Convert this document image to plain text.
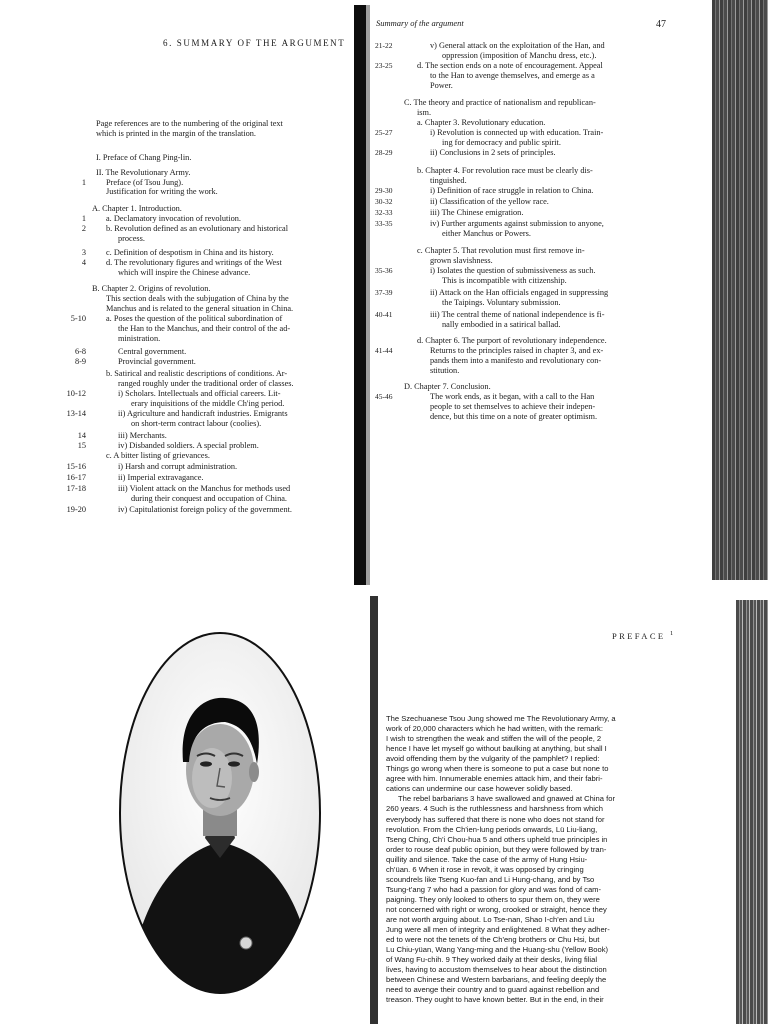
6. SUMMARY OF THE ARGUMENT
Page references are to the numbering of the original text
which is printed in the margin of the translation.
I. Preface of Chang Ping-lin.
II. The Revolutionary Army.
1 Preface (of Tsou Jung).
Justification for writing the work.
A. Chapter 1. Introduction.
1 a. Declamatory invocation of revolution.
2 b. Revolution defined as an evolutionary and historical
process.
3 c. Definition of despotism in China and its history.
4 d. The revolutionary figures and writings of the West
which will inspire the Chinese advance.
B. Chapter 2. Origins of revolution.
This section deals with the subjugation of China by the
Manchus and is related to the general situation in China.
5-10 a. Poses the question of the political subordination of
the Han to the Manchus, and their control of the ad-
ministration.
6-8	Central government.
8-9	Provincial government.
b. Satirical and realistic descriptions of conditions. Ar-
ranged roughly under the traditional order of classes.
10-12	i) Scholars. Intellectuals and official careers. Lit-
erary inquisitions of the middle Ch'ing period.
13-14	ii) Agriculture and handicraft industries. Emigrants
on short-term contract labour (coolies).
14	iii) Merchants.
15	iv) Disbanded soldiers. A special problem.
c. A bitter listing of grievances.
15-16	i) Harsh and corrupt administration.
16-17	ii) Imperial extravagance.
17-18	iii) Violent attack on the Manchus for methods used
during their conquest and occupation of China.
19-20	iv) Capitulationist foreign policy of the government.
Summary of the argument	47
21-22	v) General attack on the exploitation of the Han, and
oppression (imposition of Manchu dress, etc.).
23-25	d. The section ends on a note of encouragement. Appeal
to the Han to avenge themselves, and emerge as a
Power.
C. The theory and practice of nationalism and republican-
ism.
a. Chapter 3. Revolutionary education.
25-27	i) Revolution is connected up with education. Train-
ing for democracy and public spirit.
28-29	ii) Conclusions in 2 sets of principles.
b. Chapter 4. For revolution race must be clearly dis-
tinguished.
29-30	i) Definition of race struggle in relation to China.
30-32	ii) Classification of the yellow race.
32-33	iii) The Chinese emigration.
33-35	iv) Further arguments against submission to anyone,
either Manchus or Powers.
c. Chapter 5. That revolution must first remove in-
grown slavishness.
35-36	i) Isolates the question of submissiveness as such.
This is incompatible with citizenship.
37-39	ii) Attack on the Han officials engaged in suppressing
the Taipings. Voluntary submission.
40-41	iii) The central theme of national independence is fi-
nally embodied in a satirical ballad.
d. Chapter 6. The purport of revolutionary independence.
41-44	Returns to the principles raised in chapter 3, and ex-
pands them into a manifesto and revolutionary con-
stitution.
D. Chapter 7. Conclusion.
45-46	The work ends, as it began, with a call to the Han
people to set themselves to achieve their indepen-
dence, but this time on a note of greater optimism.
PREFACE $^1$
The Szechuanese Tsou Jung showed me The Revolutionary Army, a
work of 20,000 characters which he had written, with the remark:
I wish to strengthen the weak and stiffen the will of the people, 2
hence I have let myself go without baulking at anything, but shall I
avoid offending them by the vulgarity of the pamphlet? I replied:
Things go wrong when there is someone to put a case but none to
agree with him. Innumerable enemies attack him, and their fabri-
cations can undermine our case however solidly based.
The rebel barbarians 3 have swallowed and gnawed at China for
260 years. 4 Such is the ruthlessness and harshness from which
everybody has suffered that there is none who does not stand for
revolution. From the Ch'ien-lung periods onwards, Lü Liu-liang,
Tseng Ching, Ch'i Chou-hua 5 and others upheld true principles in
order to rouse deaf public opinion, but they were followed by tran-
quillity and silence. Take the case of the army of Hung Hsiu-
ch'üan. 6 When it rose in revolt, it was opposed by cringing
scoundrels like Tseng Kuo-fan and Li Hung-chang, and by Tso
Tsung-t'ang 7 who had a passion for glory and was fond of cam-
paigning. They only looked to others to spur them on, they were
not concerned with right or wrong, crooked or straight, hence they
are not worth arguing about. Lo Tse-nan, Shao I-ch'en and Liu
Jung were all men of integrity and enlightened. 8 What they adher-
ed to were not the tenets of the Ch'eng brothers or Chu Hsi, but
Lu Chiu-yüan, Wang Yang-ming and the Huang-shu (Yellow Book)
of Wang Fu-chih. 9 They worked daily at their desks, living filial
lives, having to accustom themselves to hear about the distinction
between Chinese and Western barbarians, and feeling deeply the
need to avenge their country and to guard against rebellion and
treason. They ought to have known better. But in the end, in their
